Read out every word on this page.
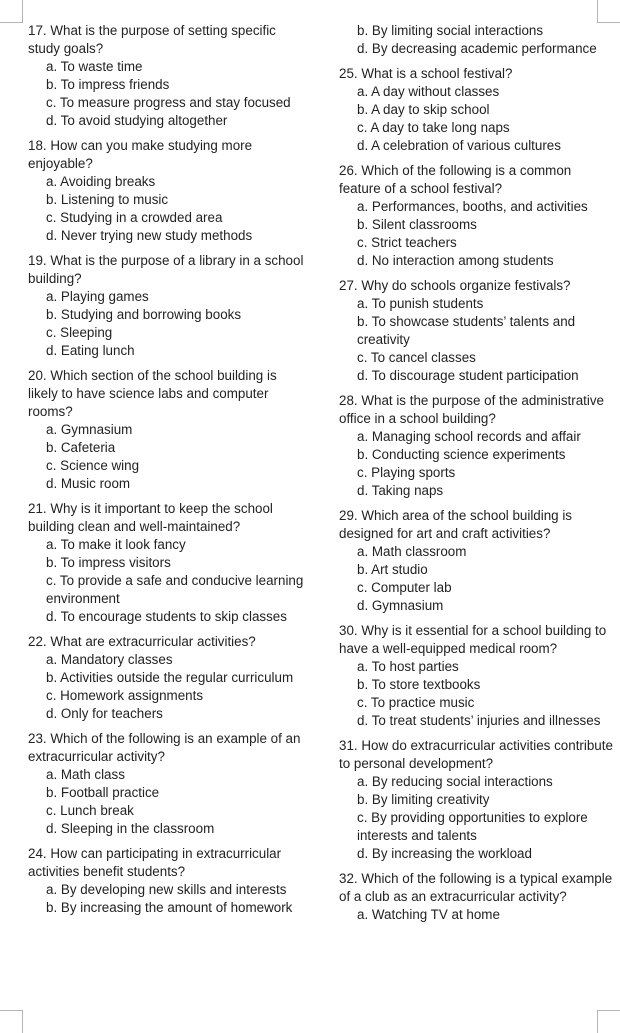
17. What is the purpose of setting specific study goals?

a. To waste time

b. To impress friends

c. To measure progress and stay focused

d. To avoid studying altogether

18. How can you make studying more enjoyable?

a. Avoiding breaks

b. Listening to music

c. Studying in a crowded area

d. Never trying new study methods

19. What is the purpose of a library in a school building?

a. Playing games

b. Studying and borrowing books

c. Sleeping

d. Eating lunch

20. Which section of the school building is likely to have science labs and computer rooms?

a. Gymnasium

b. Cafeteria

c. Science wing

d. Music room

21. Why is it important to keep the school building clean and well-maintained?

a. To make it look fancy

b. To impress visitors

c. To provide a safe and conducive learning environment

d. To encourage students to skip classes

22. What are extracurricular activities?

a. Mandatory classes

b. Activities outside the regular curriculum

c. Homework assignments

d. Only for teachers

23. Which of the following is an example of an extracurricular activity?

a. Math class

b. Football practice

c. Lunch break

d. Sleeping in the classroom

24. How can participating in extracurricular activities benefit students?

a. By developing new skills and interests

b. By increasing the amount of homework

b. By limiting social interactions

d. By decreasing academic performance

25. What is a school festival?

a. A day without classes

b. A day to skip school

c. A day to take long naps

d. A celebration of various cultures

26. Which of the following is a common feature of a school festival?

a. Performances, booths, and activities

b. Silent classrooms

c. Strict teachers

d. No interaction among students

27. Why do schools organize festivals?

a. To punish students

b. To showcase students’ talents and creativity

c. To cancel classes

d. To discourage student participation

28. What is the purpose of the administrative office in a school building?

a. Managing school records and affair

b. Conducting science experiments

c. Playing sports

d. Taking naps

29. Which area of the school building is designed for art and craft activities?

a. Math classroom

b. Art studio

c. Computer lab

d. Gymnasium

30. Why is it essential for a school building to have a well-equipped medical room?

a. To host parties

b. To store textbooks

c. To practice music

d. To treat students’ injuries and illnesses

31. How do extracurricular activities contribute to personal development?

a. By reducing social interactions

b. By limiting creativity

c. By providing opportunities to explore interests and talents

d. By increasing the workload

32. Which of the following is a typical example of a club as an extracurricular activity?

a. Watching TV at home
